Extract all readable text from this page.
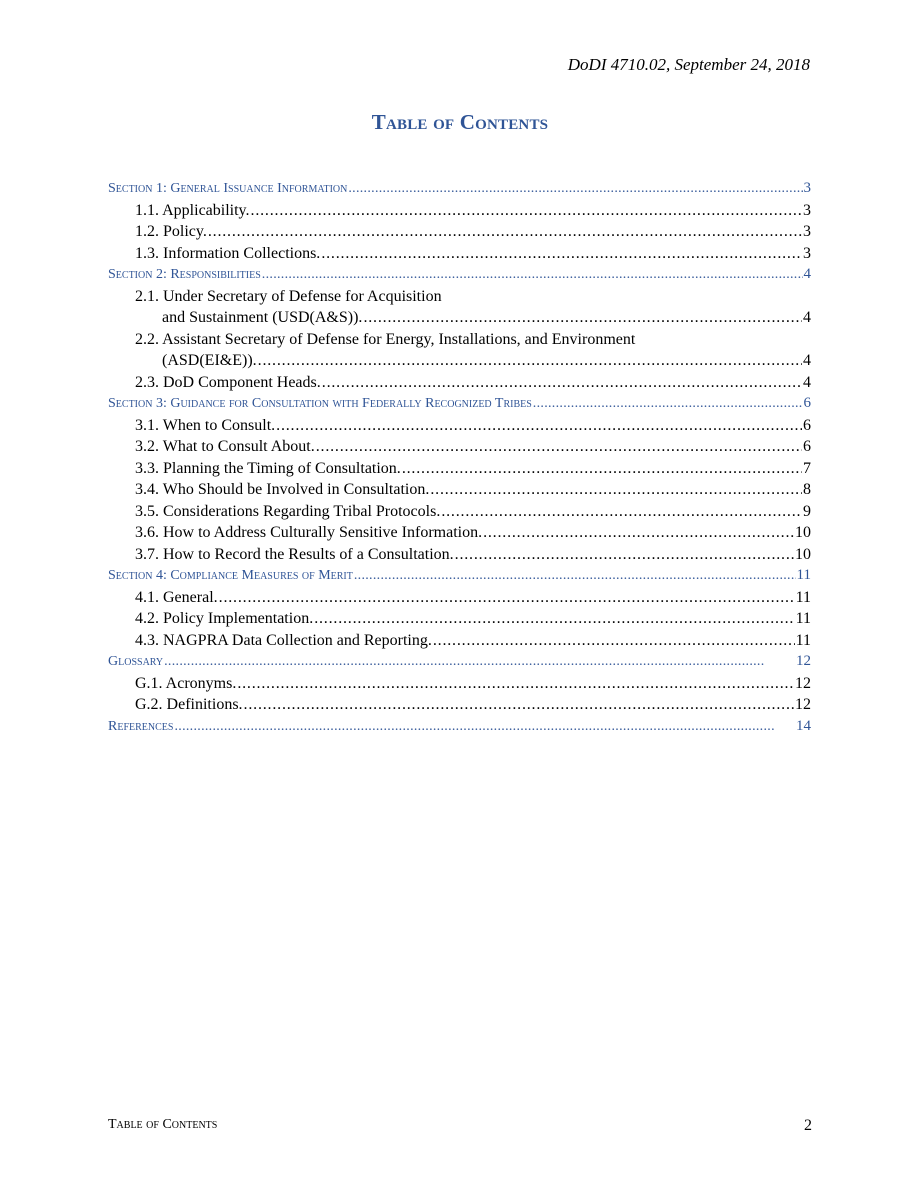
DoDI 4710.02, September 24, 2018
Table of Contents
Section 1: General Issuance Information . . .	3
1.1. Applicability. . . .	3
1.2. Policy. . . .	3
1.3. Information Collections. . . .	3
Section 2: Responsibilities . . .	4
2.1. Under Secretary of Defense for Acquisition
and Sustainment (USD(A&S)). . . .	4
2.2. Assistant Secretary of Defense for Energy, Installations, and Environment
(ASD(EI&E)). . . .	4
2.3. DoD Component Heads. . . .	4
Section 3: Guidance for Consultation with Federally Recognized Tribes . . .	6
3.1. When to Consult. . . .	6
3.2. What to Consult About. . . .	6
3.3. Planning the Timing of Consultation. . . .	7
3.4. Who Should be Involved in Consultation. . . .	8
3.5. Considerations Regarding Tribal Protocols. . . .	9
3.6. How to Address Culturally Sensitive Information. . . .	10
3.7. How to Record the Results of a Consultation. . . .	10
Section 4: Compliance Measures of Merit . . .	11
4.1. General. . . .	11
4.2. Policy Implementation. . . .	11
4.3. NAGPRA Data Collection and Reporting. . . .	11
Glossary . . .	12
G.1. Acronyms. . . .	12
G.2. Definitions. . . .	12
References . . .	14
Table of Contents	2
